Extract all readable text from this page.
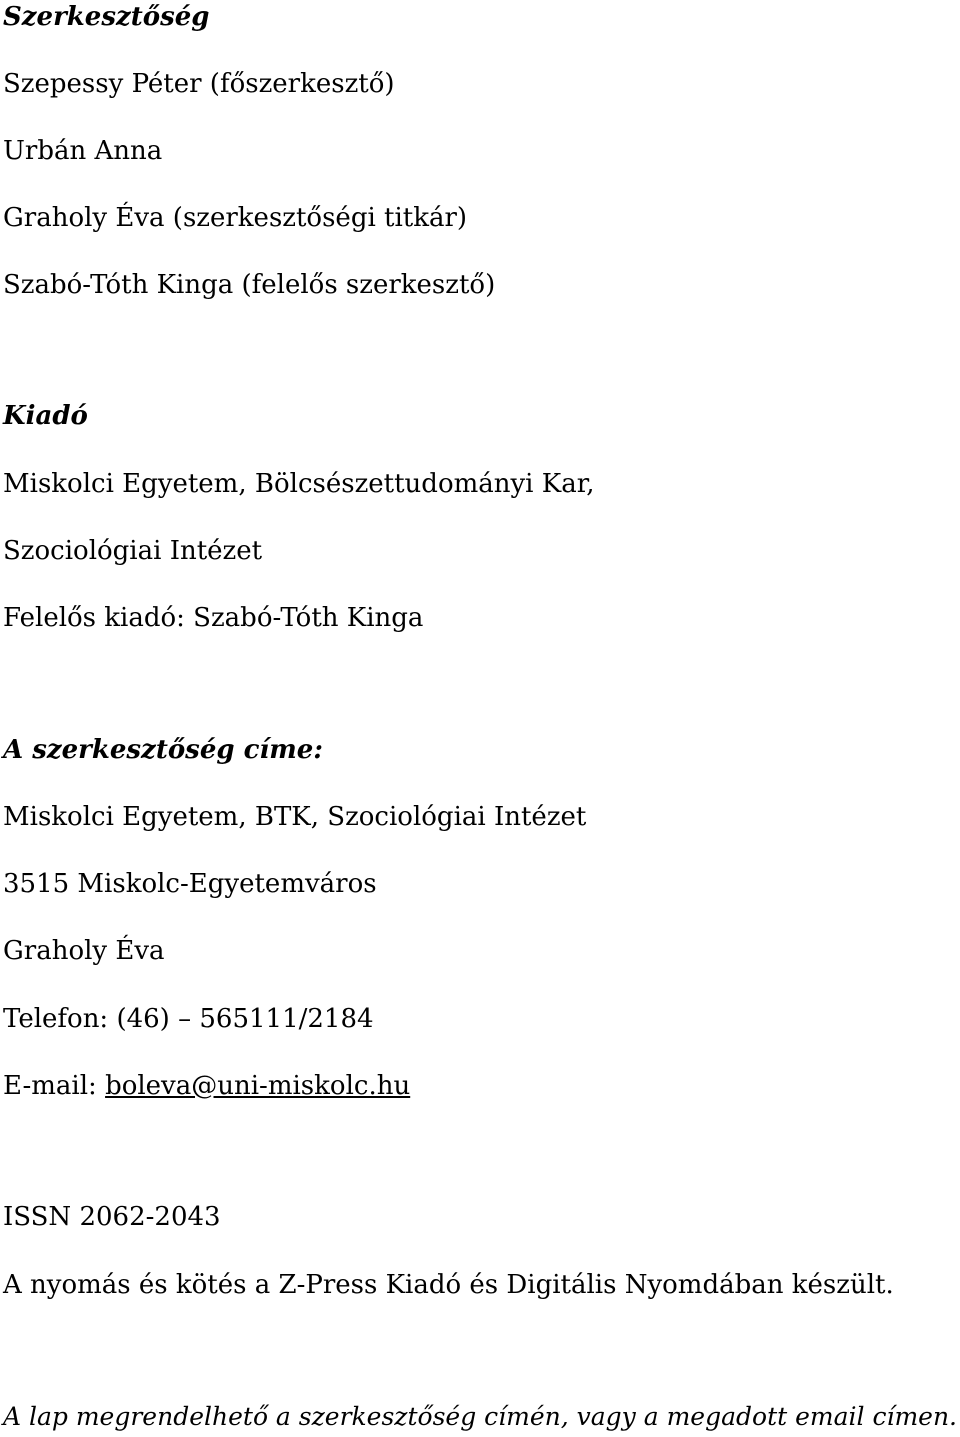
Szerkesztőség

Szepessy Péter (főszerkesztő)

Urbán Anna

Graholy Éva (szerkesztőségi titkár)

Szabó-Tóth Kinga (felelős szerkesztő)

Kiadó

Miskolci Egyetem, Bölcsészettudományi Kar,

Szociológiai Intézet

Felelős kiadó: Szabó-Tóth Kinga

A szerkesztőség címe:

Miskolci Egyetem, BTK, Szociológiai Intézet

3515 Miskolc-Egyetemváros

Graholy Éva

Telefon: (46) – 565111/2184

E-mail: boleva@uni-miskolc.hu

ISSN 2062-2043

A nyomás és kötés a Z-Press Kiadó és Digitális Nyomdában készült.

A lap megrendelhető a szerkesztőség címén, vagy a megadott email címen.
